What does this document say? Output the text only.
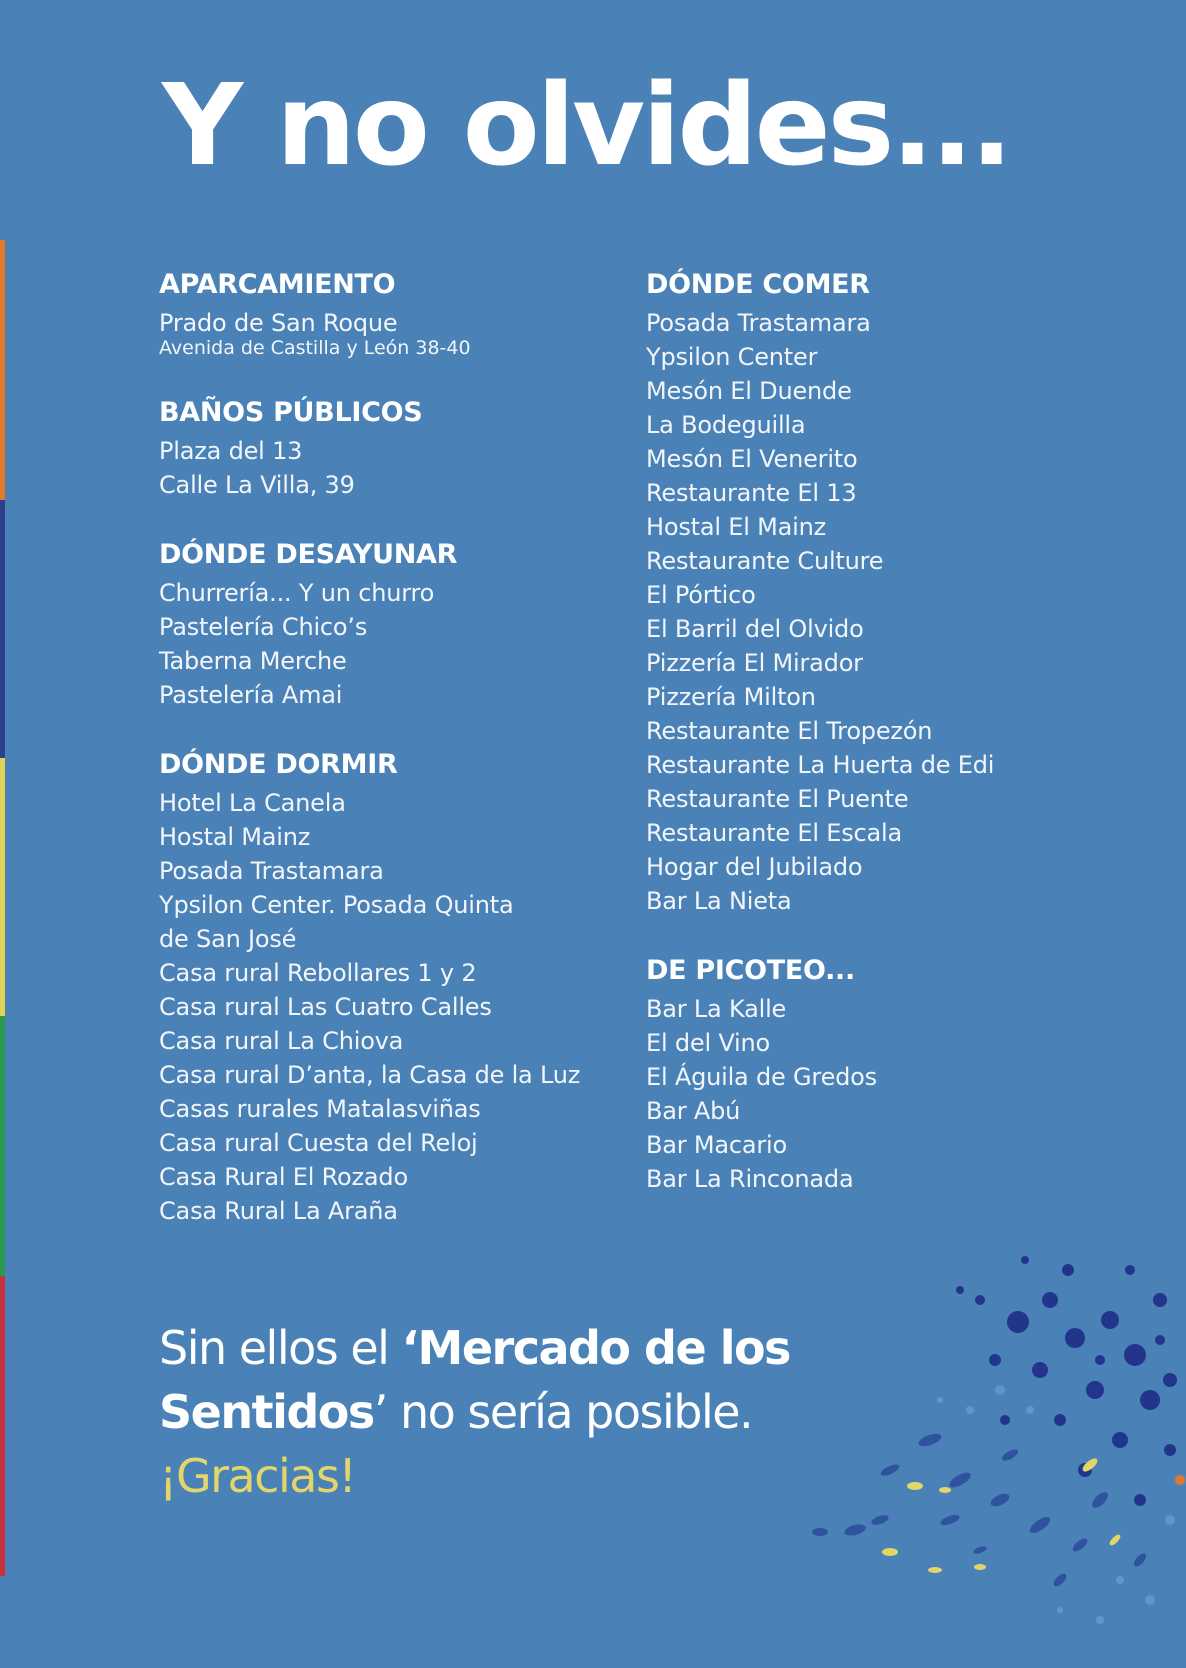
Y no olvides...
APARCAMIENTO
Prado de San Roque
Avenida de Castilla y León 38-40
BAÑOS PÚBLICOS
Plaza del 13
Calle La Villa, 39
DÓNDE DESAYUNAR
Churrería... Y un churro
Pastelería Chico’s
Taberna Merche
Pastelería Amai
DÓNDE DORMIR
Hotel La Canela
Hostal Mainz
Posada Trastamara
Ypsilon Center. Posada Quinta
de San José
Casa rural Rebollares 1 y 2
Casa rural Las Cuatro Calles
Casa rural La Chiova
Casa rural D’anta, la Casa de la Luz
Casas rurales Matalasviñas
Casa rural Cuesta del Reloj
Casa Rural El Rozado
Casa Rural La Araña
DÓNDE COMER
Posada Trastamara
Ypsilon Center
Mesón El Duende
La Bodeguilla
Mesón El Venerito
Restaurante El 13
Hostal El Mainz
Restaurante Culture
El Pórtico
El Barril del Olvido
Pizzería El Mirador
Pizzería Milton
Restaurante El Tropezón
Restaurante La Huerta de Edi
Restaurante El Puente
Restaurante El Escala
Hogar del Jubilado
Bar La Nieta
DE PICOTEO...
Bar La Kalle
El del Vino
El Águila de Gredos
Bar Abú
Bar Macario
Bar La Rinconada

Sin ellos el ‘Mercado de los
Sentidos’ no sería posible.
¡Gracias!
